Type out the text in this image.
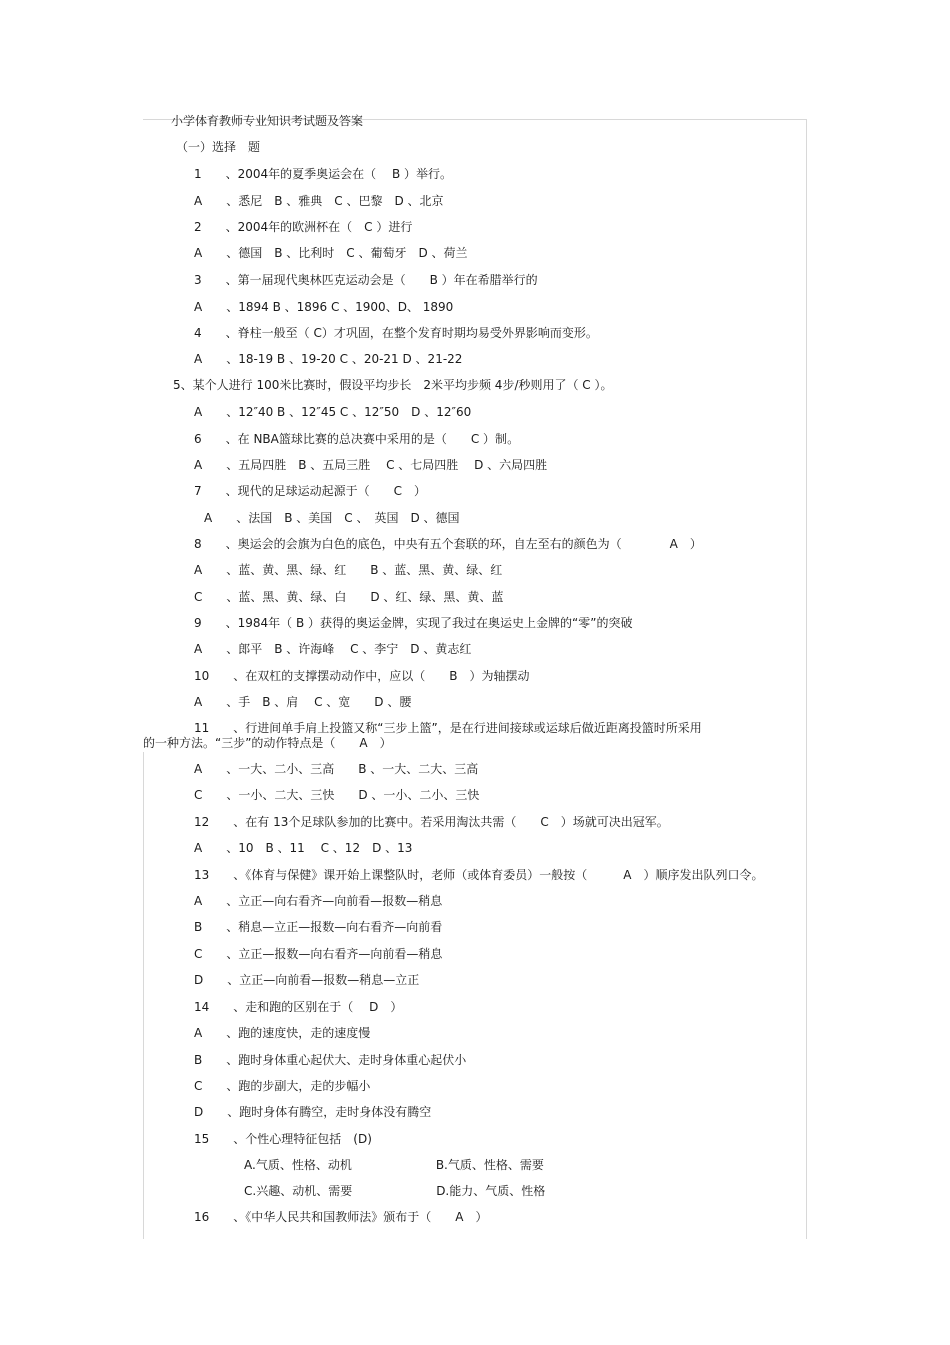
小学体育教师专业知识考试题及答案
（一）选择　题
1　　、2004年的夏季奥运会在（　 B ）举行。
A　　、悉尼　B 、雅典　C 、巴黎　D 、北京
2　　、2004年的欧洲杯在（　C ）进行
A　　、德国　B 、比利时　C 、葡萄牙　D 、荷兰
3　　、第一届现代奥林匹克运动会是（　　B ）年在希腊举行的
A　　、1894 B 、1896 C 、1900、D、 1890
4　　、脊柱一般至（ C）才巩固，在整个发育时期均易受外界影响而变形。
A　　、18-19 B 、19-20 C 、20-21 D 、21-22
5、某个人进行 100米比赛时，假设平均步长　2米平均步频 4步/秒则用了（ C ）。
A　　、12″40 B 、12″45 C 、12″50　D 、12″60
6　　、在 NBA篮球比赛的总决赛中采用的是（　　C ）制。
A　　、五局四胜　B 、五局三胜　 C 、七局四胜　 D 、六局四胜
7　　、现代的足球运动起源于（　　C　）
A　　、法国　B 、美国　C 、　英国　D 、德国
8　　、奥运会的会旗为白色的底色，中央有五个套联的环，自左至右的颜色为（　　　　A　）
A　　、蓝、黄、黑、绿、红　　B 、蓝、黑、黄、绿、红
C　　、蓝、黑、黄、绿、白　　D 、红、绿、黑、黄、蓝
9　　、1984年（ B ）获得的奥运金牌，实现了我过在奥运史上金牌的“零”的突破
A　　、郎平　B 、许海峰　 C 、李宁　D 、黄志红
10　　、在双杠的支撑摆动动作中，应以（　　B　）为轴摆动
A　　、手　B 、肩　 C 、宽　　D 、腰
11　　、行进间单手肩上投篮又称“三步上篮”，是在行进间接球或运球后做近距离投篮时所采用
的一种方法。“三步”的动作特点是（　　A　）
A　　、一大、二小、三高　　B 、一大、二大、三高
C　　、一小、二大、三快　　D 、一小、二小、三快
12　　、在有 13个足球队参加的比赛中。若采用淘汰共需（　　C　）场就可决出冠军。
A　　、10　B 、11　 C 、12　D 、13
13　　、《体育与保健》课开始上课整队时，老师（或体育委员）一般按（　　　A　）顺序发出队列口令。
A　　、立正—向右看齐—向前看—报数—稍息
B　　、稍息—立正—报数—向右看齐—向前看
C　　、立正—报数—向右看齐—向前看—稍息
D　　、立正—向前看—报数—稍息—立正
14　　、走和跑的区别在于（　 D　）
A　　、跑的速度快，走的速度慢
B　　、跑时身体重心起伏大、走时身体重心起伏小
C　　、跑的步副大，走的步幅小
D　　、跑时身体有腾空，走时身体没有腾空
15　　、个性心理特征包括　(D)
A.气质、性格、动机　　　　　　　B.气质、性格、需要
C.兴趣、动机、需要　　　　　　　D.能力、气质、性格
16　　、《中华人民共和国教师法》颁布于（　　A　）
